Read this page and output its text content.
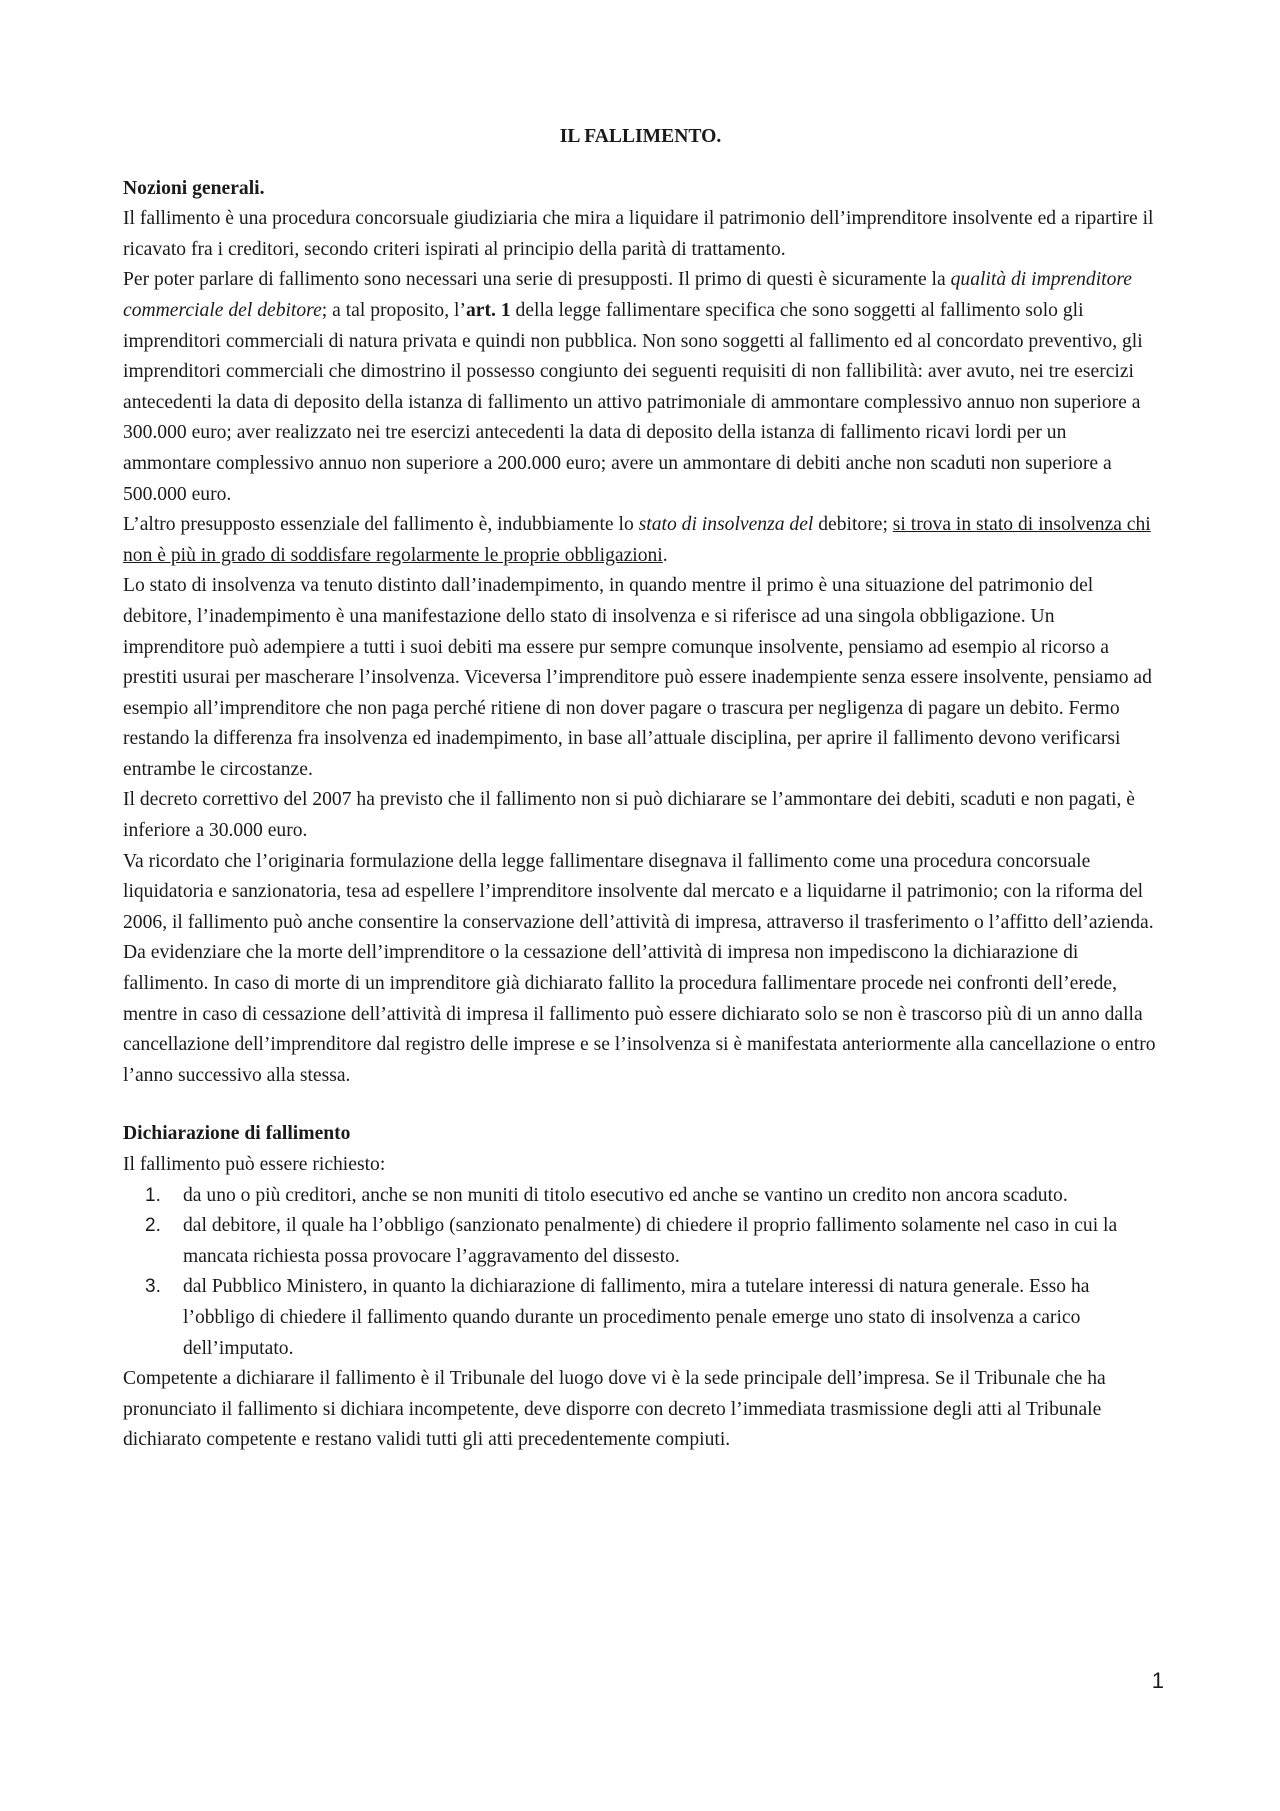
IL FALLIMENTO.

Nozioni generali.

Il fallimento è una procedura concorsuale giudiziaria che mira a liquidare il patrimonio dell’imprenditore insolvente ed a ripartire il ricavato fra i creditori, secondo criteri ispirati al principio della parità di trattamento.

Per poter parlare di fallimento sono necessari una serie di presupposti. Il primo di questi è sicuramente la qualità di imprenditore commerciale del debitore; a tal proposito, l’art. 1 della legge fallimentare specifica che sono soggetti al fallimento solo gli imprenditori commerciali di natura privata e quindi non pubblica. Non sono soggetti al fallimento ed al concordato preventivo, gli imprenditori commerciali che dimostrino il possesso congiunto dei seguenti requisiti di non fallibilità: aver avuto, nei tre esercizi antecedenti la data di deposito della istanza di fallimento un attivo patrimoniale di ammontare complessivo annuo non superiore a 300.000 euro; aver realizzato nei tre esercizi antecedenti la data di deposito della istanza di fallimento ricavi lordi per un ammontare complessivo annuo non superiore a 200.000 euro; avere un ammontare di debiti anche non scaduti non superiore a 500.000 euro.

L’altro presupposto essenziale del fallimento è, indubbiamente lo stato di insolvenza del debitore; si trova in stato di insolvenza chi non è più in grado di soddisfare regolarmente le proprie obbligazioni.

Lo stato di insolvenza va tenuto distinto dall’inadempimento, in quando mentre il primo è una situazione del patrimonio del debitore, l’inadempimento è una manifestazione dello stato di insolvenza e si riferisce ad una singola obbligazione. Un imprenditore può adempiere a tutti i suoi debiti ma essere pur sempre comunque insolvente, pensiamo ad esempio al ricorso a prestiti usurai per mascherare l’insolvenza. Viceversa l’imprenditore può essere inadempiente senza essere insolvente, pensiamo ad esempio all’imprenditore che non paga perché ritiene di non dover pagare o trascura per negligenza di pagare un debito. Fermo restando la differenza fra insolvenza ed inadempimento, in base all’attuale disciplina, per aprire il fallimento devono verificarsi entrambe le circostanze.

Il decreto correttivo del 2007 ha previsto che il fallimento non si può dichiarare se l’ammontare dei debiti, scaduti e non pagati, è inferiore a 30.000 euro.

Va ricordato che l’originaria formulazione della legge fallimentare disegnava il fallimento come una procedura concorsuale liquidatoria e sanzionatoria, tesa ad espellere l’imprenditore insolvente dal mercato e a liquidarne il patrimonio; con la riforma del 2006, il fallimento può anche consentire la conservazione dell’attività di impresa, attraverso il trasferimento o l’affitto dell’azienda.

Da evidenziare che la morte dell’imprenditore o la cessazione dell’attività di impresa non impediscono la dichiarazione di fallimento. In caso di morte di un imprenditore già dichiarato fallito la procedura fallimentare procede nei confronti dell’erede, mentre in caso di cessazione dell’attività di impresa il fallimento può essere dichiarato solo se non è trascorso più di un anno dalla cancellazione dell’imprenditore dal registro delle imprese e se l’insolvenza si è manifestata anteriormente alla cancellazione o entro l’anno successivo alla stessa.

Dichiarazione di fallimento

Il fallimento può essere richiesto:

1. da uno o più creditori, anche se non muniti di titolo esecutivo ed anche se vantino un credito non ancora scaduto.
2. dal debitore, il quale ha l’obbligo (sanzionato penalmente) di chiedere il proprio fallimento solamente nel caso in cui la mancata richiesta possa provocare l’aggravamento del dissesto.
3. dal Pubblico Ministero, in quanto la dichiarazione di fallimento, mira a tutelare interessi di natura generale. Esso ha l’obbligo di chiedere il fallimento quando durante un procedimento penale emerge uno stato di insolvenza a carico dell’imputato.

Competente a dichiarare il fallimento è il Tribunale del luogo dove vi è la sede principale dell’impresa. Se il Tribunale che ha pronunciato il fallimento si dichiara incompetente, deve disporre con decreto l’immediata trasmissione degli atti al Tribunale dichiarato competente e restano validi tutti gli atti precedentemente compiuti.

1
